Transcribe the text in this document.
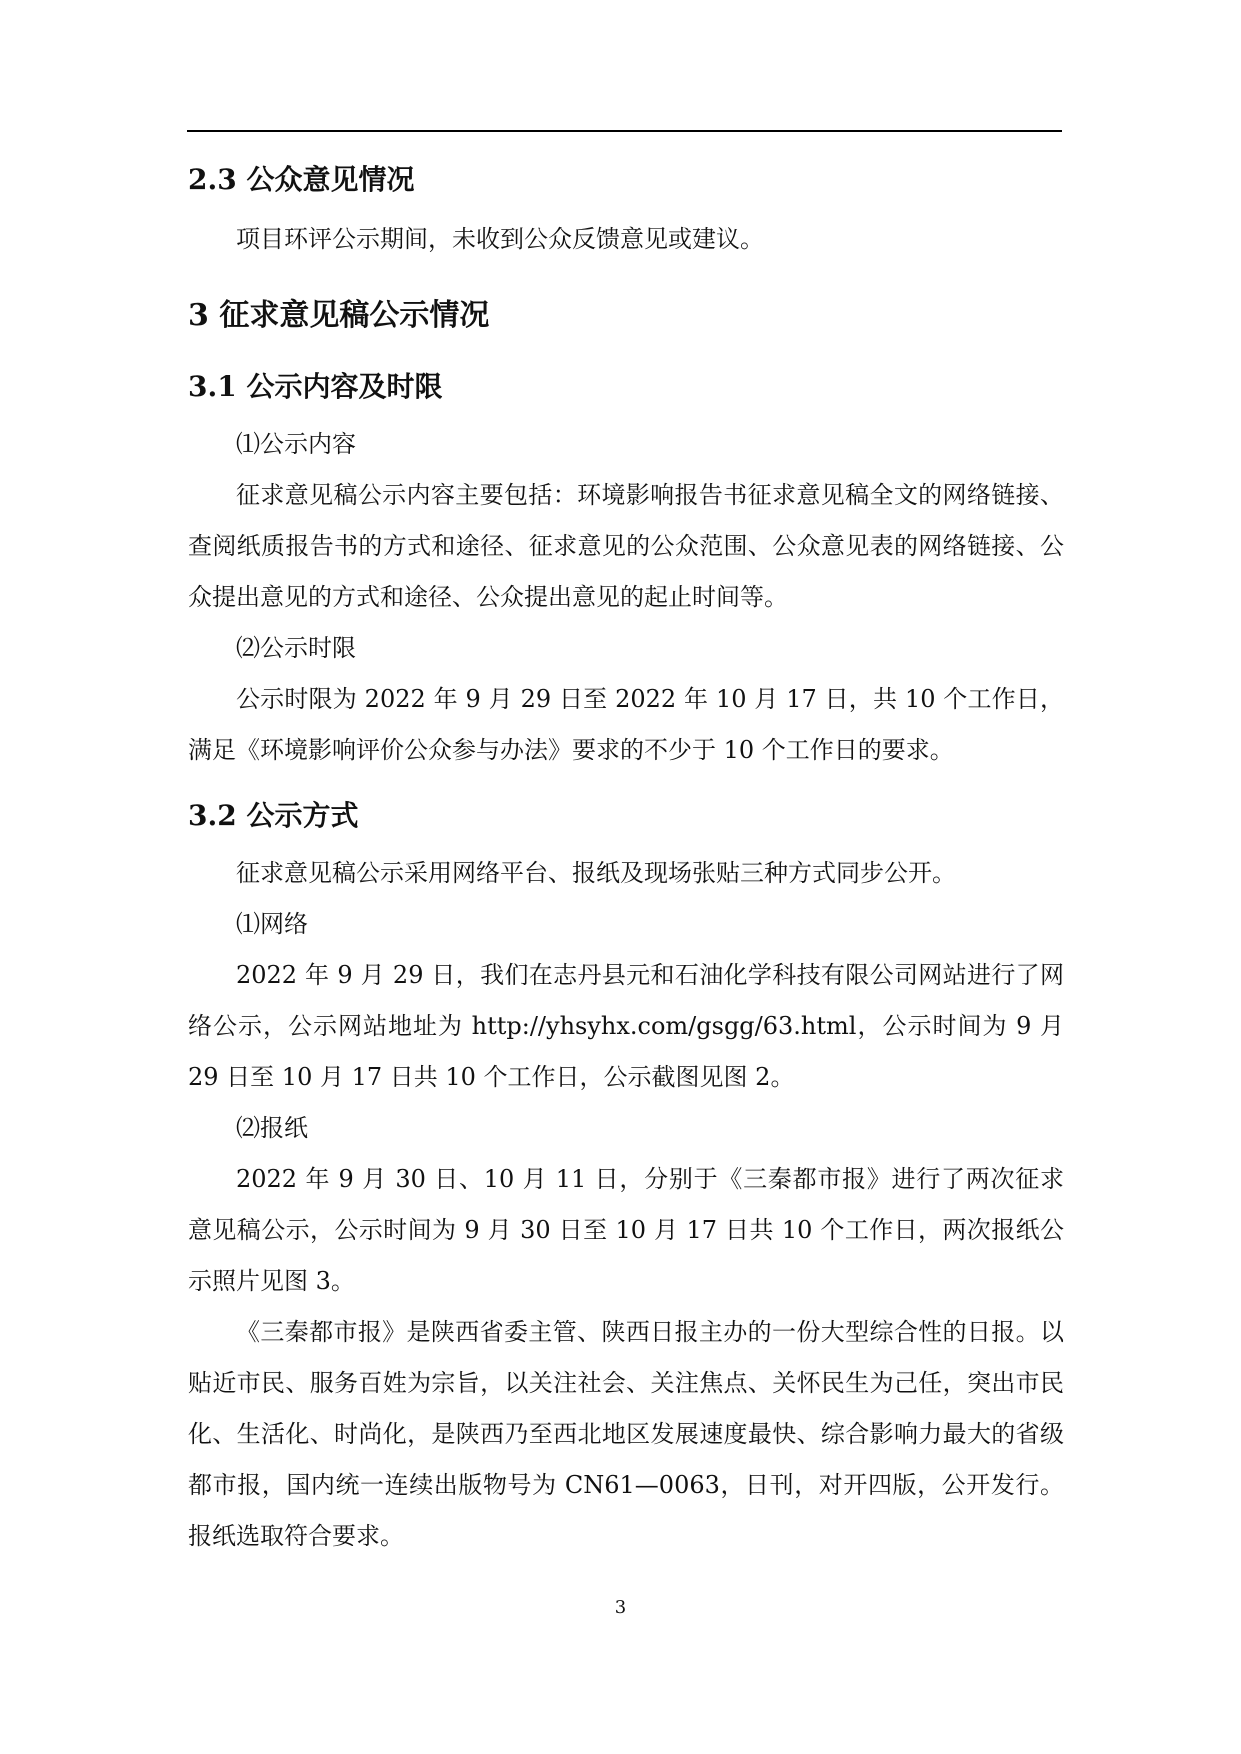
2.3 公众意见情况

项目环评公示期间，未收到公众反馈意见或建议。

3 征求意见稿公示情况
3.1 公示内容及时限

⑴公示内容

征求意见稿公示内容主要包括：环境影响报告书征求意见稿全文的网络链接、查阅纸质报告书的方式和途径、征求意见的公众范围、公众意见表的网络链接、公众提出意见的方式和途径、公众提出意见的起止时间等。

⑵公示时限

公示时限为 2022 年 9 月 29 日至 2022 年 10 月 17 日，共 10 个工作日，满足《环境影响评价公众参与办法》要求的不少于 10 个工作日的要求。

3.2 公示方式

征求意见稿公示采用网络平台、报纸及现场张贴三种方式同步公开。

⑴网络

2022 年 9 月 29 日，我们在志丹县元和石油化学科技有限公司网站进行了网络公示，公示网站地址为 http://yhsyhx.com/gsgg/63.html，公示时间为 9 月 29 日至 10 月 17 日共 10 个工作日，公示截图见图 2。

⑵报纸

2022 年 9 月 30 日、10 月 11 日，分别于《三秦都市报》进行了两次征求意见稿公示，公示时间为 9 月 30 日至 10 月 17 日共 10 个工作日，两次报纸公示照片见图 3。

《三秦都市报》是陕西省委主管、陕西日报主办的一份大型综合性的日报。以贴近市民、服务百姓为宗旨，以关注社会、关注焦点、关怀民生为己任，突出市民化、生活化、时尚化，是陕西乃至西北地区发展速度最快、综合影响力最大的省级都市报，国内统一连续出版物号为 CN61—0063，日刊，对开四版，公开发行。报纸选取符合要求。

3
